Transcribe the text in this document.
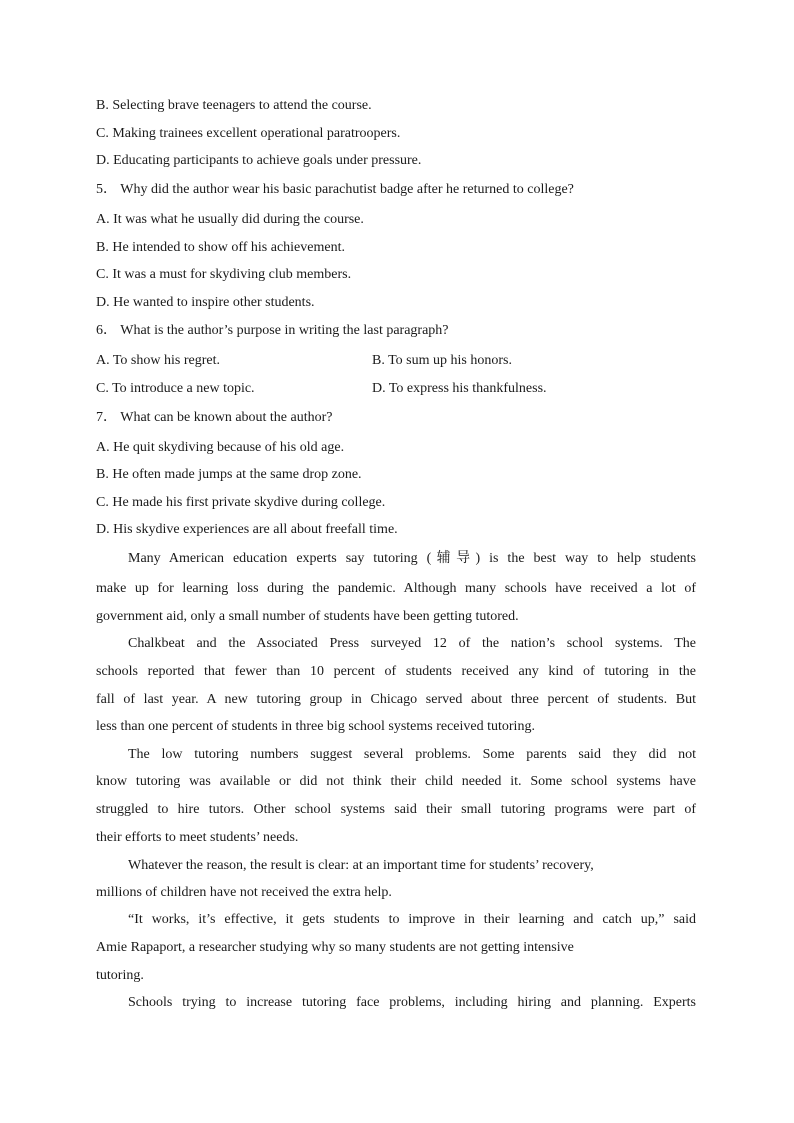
B. Selecting brave teenagers to attend the course.
C. Making trainees excellent operational paratroopers.
D. Educating participants to achieve goals under pressure.
5． Why did the author wear his basic parachutist badge after he returned to college?
A. It was what he usually did during the course.
B. He intended to show off his achievement.
C. It was a must for skydiving club members.
D. He wanted to inspire other students.
6． What is the author’s purpose in writing the last paragraph?
A. To show his regret.	B. To sum up his honors.
C. To introduce a new topic.	D. To express his thankfulness.
7． What can be known about the author?
A. He quit skydiving because of his old age.
B. He often made jumps at the same drop zone.
C. He made his first private skydive during college.
D. His skydive experiences are all about freefall time.
Many American education experts say tutoring (辅导) is the best way to help students
make up for learning loss during the pandemic. Although many schools have received a lot of
government aid, only a small number of students have been getting tutored.
Chalkbeat and the Associated Press surveyed 12 of the nation’s school systems. The
schools reported that fewer than 10 percent of students received any kind of tutoring in the
fall of last year. A new tutoring group in Chicago served about three percent of students. But
less than one percent of students in three big school systems received tutoring.
The low tutoring numbers suggest several problems. Some parents said they did not
know tutoring was available or did not think their child needed it. Some school systems have
struggled to hire tutors. Other school systems said their small tutoring programs were part of
their efforts to meet students’ needs.
Whatever the reason, the result is clear: at an important time for students’ recovery,
millions of children have not received the extra help.
“It works, it’s effective, it gets students to improve in their learning and catch up,” said
Amie Rapaport, a researcher studying why so many students are not getting intensive
tutoring.
Schools trying to increase tutoring face problems, including hiring and planning. Experts
